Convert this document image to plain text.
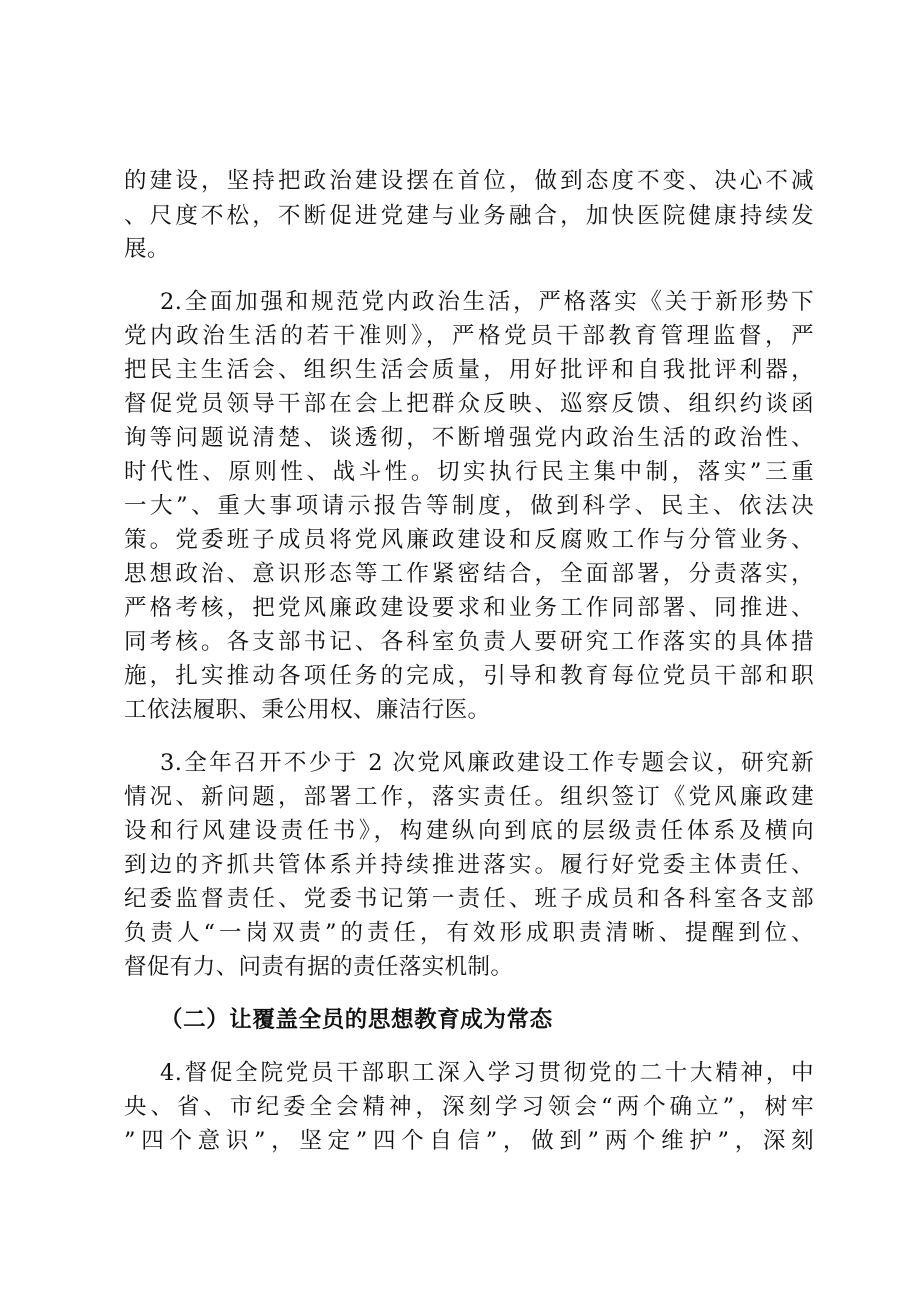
的建设，坚持把政治建设摆在首位，做到态度不变、决心不减
、尺度不松，不断促进党建与业务融合，加快医院健康持续发
展。
2.全面加强和规范党内政治生活，严格落实《关于新形势下
党内政治生活的若干准则》，严格党员干部教育管理监督，严
把民主生活会、组织生活会质量，用好批评和自我批评利器，
督促党员领导干部在会上把群众反映、巡察反馈、组织约谈函
询等问题说清楚、谈透彻，不断增强党内政治生活的政治性、
时代性、原则性、战斗性。切实执行民主集中制，落实”三重
一大”、重大事项请示报告等制度，做到科学、民主、依法决
策。党委班子成员将党风廉政建设和反腐败工作与分管业务、
思想政治、意识形态等工作紧密结合，全面部署，分责落实，
严格考核，把党风廉政建设要求和业务工作同部署、同推进、
同考核。各支部书记、各科室负责人要研究工作落实的具体措
施，扎实推动各项任务的完成，引导和教育每位党员干部和职
工依法履职、秉公用权、廉洁行医。
3.全年召开不少于 2 次党风廉政建设工作专题会议，研究新
情况、新问题，部署工作，落实责任。组织签订《党风廉政建
设和行风建设责任书》，构建纵向到底的层级责任体系及横向
到边的齐抓共管体系并持续推进落实。履行好党委主体责任、
纪委监督责任、党委书记第一责任、班子成员和各科室各支部
负责人“一岗双责”的责任，有效形成职责清晰、提醒到位、
督促有力、问责有据的责任落实机制。
（二）让覆盖全员的思想教育成为常态
4.督促全院党员干部职工深入学习贯彻党的二十大精神，中
央、省、市纪委全会精神，深刻学习领会“两个确立”，树牢
”四个意识”，坚定”四个自信”，做到”两个维护”，深刻
